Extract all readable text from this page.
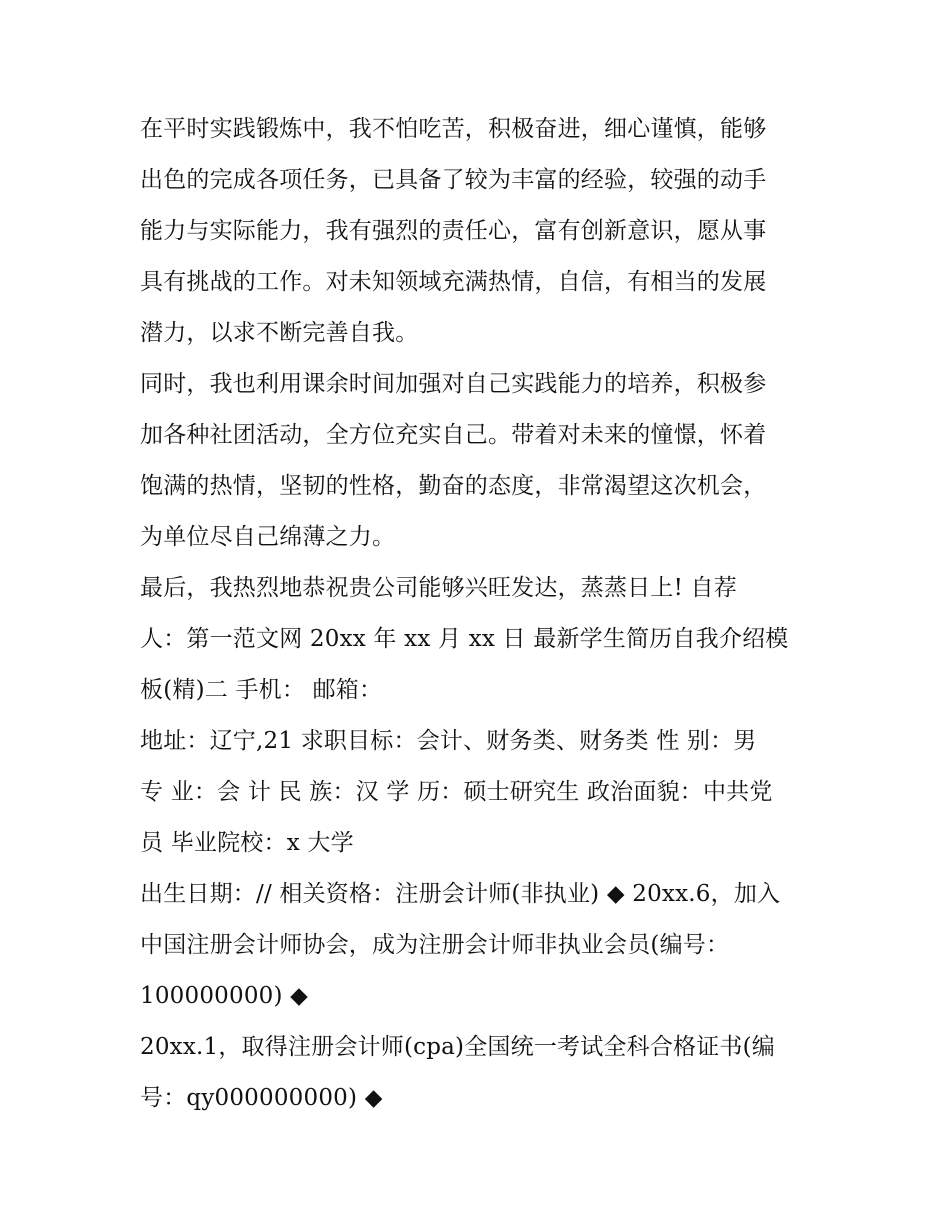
在平时实践锻炼中，我不怕吃苦，积极奋进，细心谨慎，能够
出色的完成各项任务，已具备了较为丰富的经验，较强的动手
能力与实际能力，我有强烈的责任心，富有创新意识，愿从事
具有挑战的工作。对未知领域充满热情，自信，有相当的发展
潜力，以求不断完善自我。
同时，我也利用课余时间加强对自己实践能力的培养，积极参
加各种社团活动，全方位充实自己。带着对未来的憧憬，怀着
饱满的热情，坚韧的性格，勤奋的态度，非常渴望这次机会，
为单位尽自己绵薄之力。
最后，我热烈地恭祝贵公司能够兴旺发达，蒸蒸日上! 自荐
人：第一范文网 20xx 年 xx 月 xx 日 最新学生简历自我介绍模
板(精)二 手机： 邮箱：
地址：辽宁,21 求职目标：会计、财务类、财务类 性 别：男
专 业：会 计 民 族：汉 学 历：硕士研究生 政治面貌：中共党
员 毕业院校：x 大学
出生日期：// 相关资格：注册会计师(非执业) ◆ 20xx.6，加入
中国注册会计师协会，成为注册会计师非执业会员(编号：
100000000) ◆
20xx.1，取得注册会计师(cpa)全国统一考试全科合格证书(编
号：qy000000000) ◆
